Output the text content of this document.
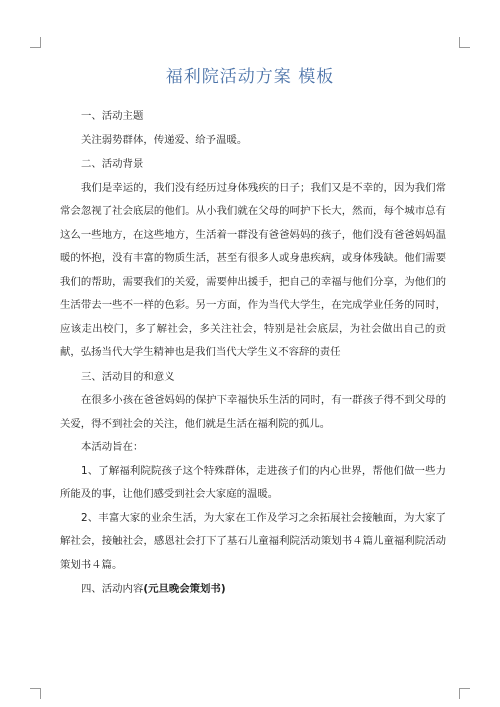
福利院活动方案 模板

一、活动主题

关注弱势群体，传递爱、给予温暖。

二、活动背景

我们是幸运的，我们没有经历过身体残疾的日子；我们又是不幸的，因为我们常常会忽视了社会底层的他们。从小我们就在父母的呵护下长大，然而，每个城市总有这么一些地方，在这些地方，生活着一群没有爸爸妈妈的孩子，他们没有爸爸妈妈温暖的怀抱，没有丰富的物质生活，甚至有很多人或身患疾病，或身体残缺。他们需要我们的帮助，需要我们的关爱，需要伸出援手，把自己的幸福与他们分享，为他们的生活带去一些不一样的色彩。另一方面，作为当代大学生，在完成学业任务的同时，应该走出校门，多了解社会，多关注社会，特别是社会底层，为社会做出自己的贡献，弘扬当代大学生精神也是我们当代大学生义不容辞的责任

三、活动目的和意义

在很多小孩在爸爸妈妈的保护下幸福快乐生活的同时，有一群孩子得不到父母的关爱，得不到社会的关注，他们就是生活在福利院的孤儿。

本活动旨在：

1、了解福利院院孩子这个特殊群体，走进孩子们的内心世界，帮他们做一些力所能及的事，让他们感受到社会大家庭的温暖。

2、丰富大家的业余生活，为大家在工作及学习之余拓展社会接触面，为大家了解社会，接触社会，感恩社会打下了基石儿童福利院活动策划书４篇儿童福利院活动策划书４篇。

四、活动内容(元旦晚会策划书)
